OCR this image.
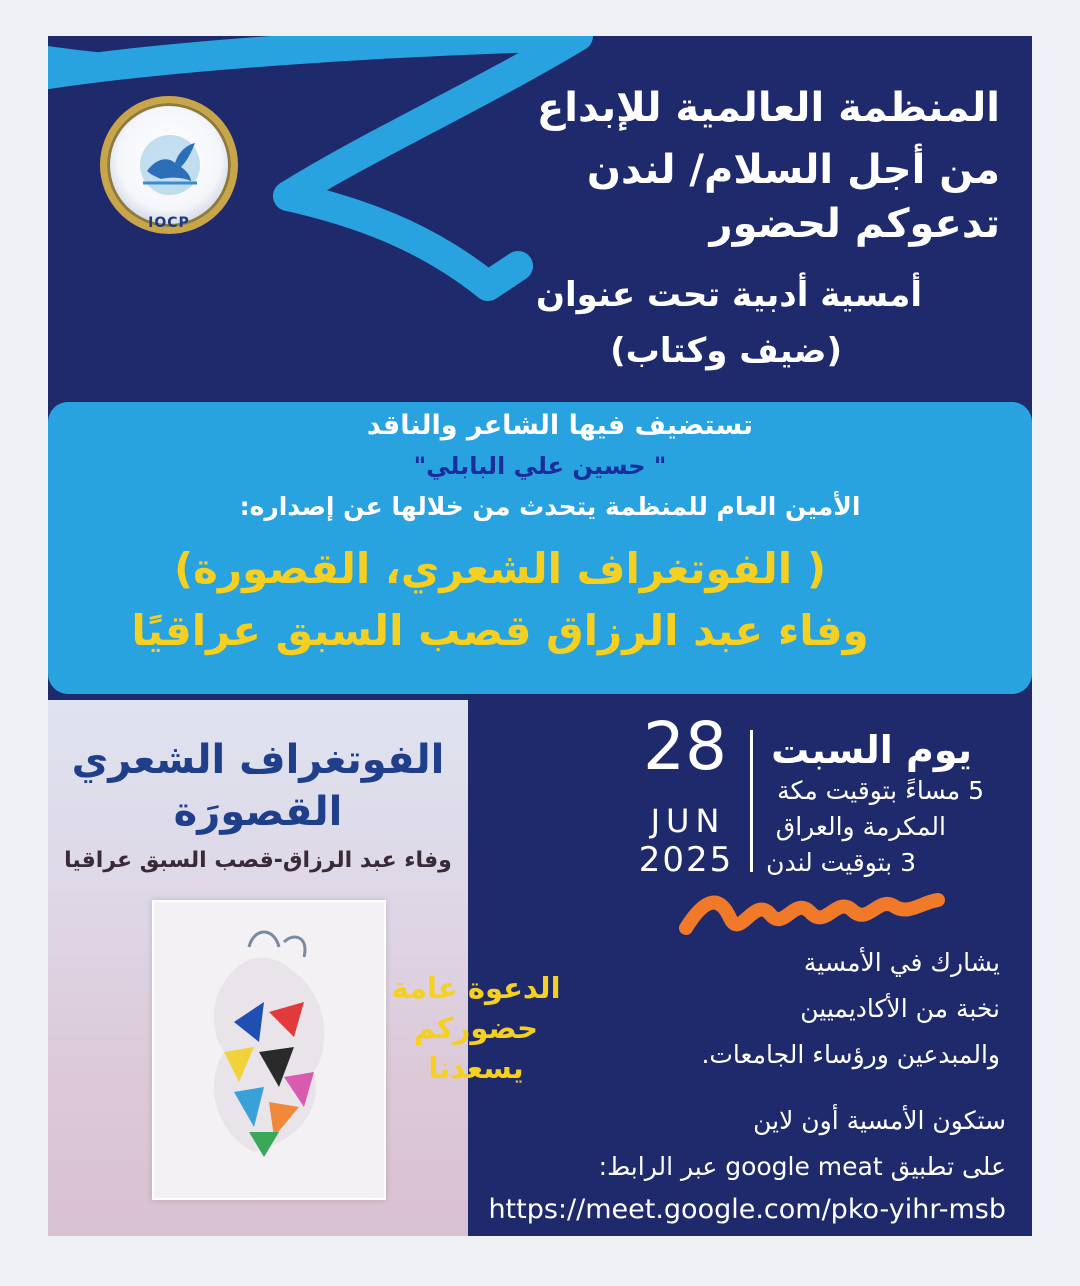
IOCP
المنظمة العالمية للإبداع
من أجل السلام/ لندن
تدعوكم لحضور
أمسية أدبية تحت عنوان
(ضيف وكتاب)
تستضيف فيها الشاعر والناقد
" حسين علي البابلي"
الأمين العام للمنظمة يتحدث من خلالها عن إصداره:
( الفوتغراف الشعري، القصورة)
وفاء عبد الرزاق قصب السبق عراقيًا
الفوتغراف الشعري
القصورَة
وفاء عبد الرزاق-قصب السبق عراقيا
الدعوة عامة
حضوركم
يسعدنا
28
JUN
2025
يوم السبت
5 مساءً بتوقيت مكة
المكرمة والعراق
3 بتوقيت لندن
يشارك في الأمسية
نخبة من الأكاديميين
والمبدعين ورؤساء الجامعات.
ستكون الأمسية أون لاين
على تطبيق google meat عبر الرابط:
https://meet.google.com/pko-yihr-msb
